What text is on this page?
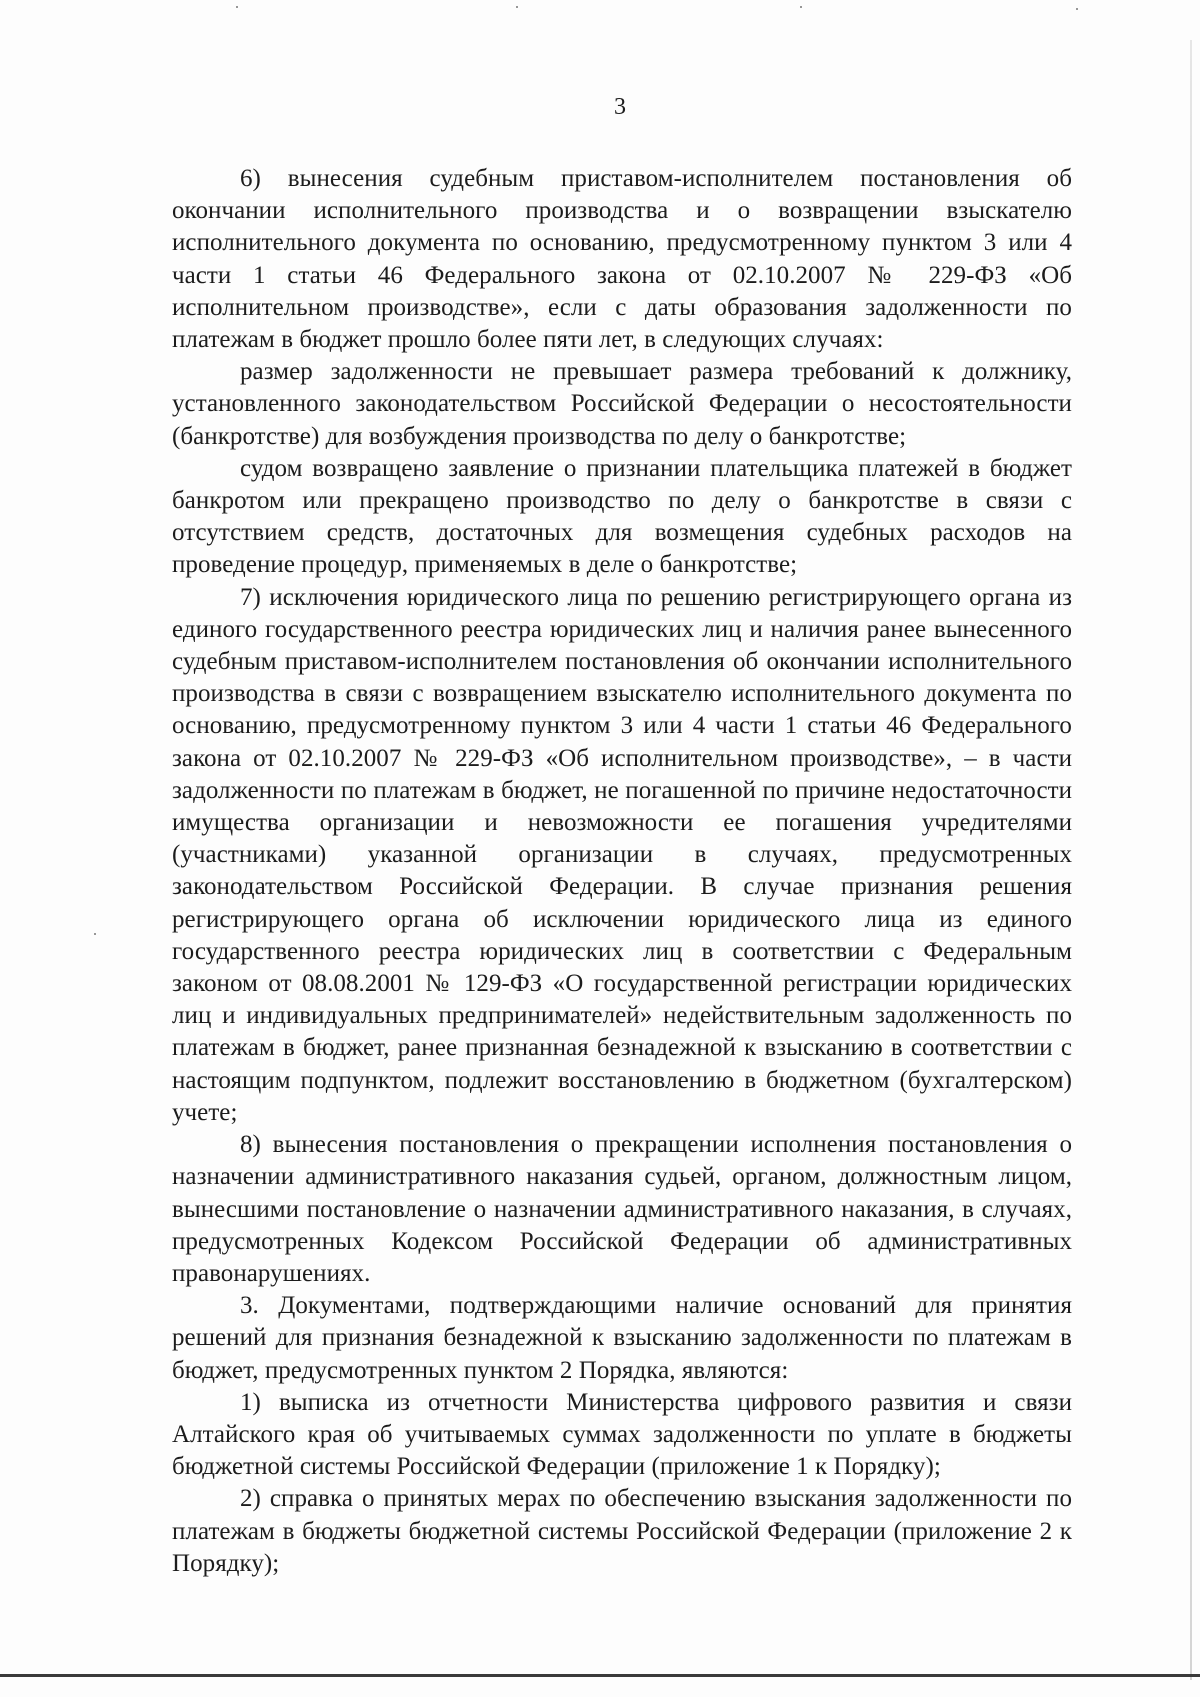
3

6) вынесения судебным приставом-исполнителем постановления об окончании исполнительного производства и о возвращении взыскателю исполнительного документа по основанию, предусмотренному пунктом 3 или 4 части 1 статьи 46 Федерального закона от 02.10.2007 № 229-ФЗ «Об исполнительном производстве», если с даты образования задолженности по платежам в бюджет прошло более пяти лет, в следующих случаях:

размер задолженности не превышает размера требований к должнику, установленного законодательством Российской Федерации о несостоятельности (банкротстве) для возбуждения производства по делу о банкротстве;

судом возвращено заявление о признании плательщика платежей в бюджет банкротом или прекращено производство по делу о банкротстве в связи с отсутствием средств, достаточных для возмещения судебных расходов на проведение процедур, применяемых в деле о банкротстве;

7) исключения юридического лица по решению регистрирующего органа из единого государственного реестра юридических лиц и наличия ранее вынесенного судебным приставом-исполнителем постановления об окончании исполнительного производства в связи с возвращением взыскателю исполнительного документа по основанию, предусмотренному пунктом 3 или 4 части 1 статьи 46 Федерального закона от 02.10.2007 № 229-ФЗ «Об исполнительном производстве», – в части задолженности по платежам в бюджет, не погашенной по причине недостаточности имущества организации и невозможности ее погашения учредителями (участниками) указанной организации в случаях, предусмотренных законодательством Российской Федерации. В случае признания решения регистрирующего органа об исключении юридического лица из единого государственного реестра юридических лиц в соответствии с Федеральным законом от 08.08.2001 № 129-ФЗ «О государственной регистрации юридических лиц и индивидуальных предпринимателей» недействительным задолженность по платежам в бюджет, ранее признанная безнадежной к взысканию в соответствии с настоящим подпунктом, подлежит восстановлению в бюджетном (бухгалтерском) учете;

8) вынесения постановления о прекращении исполнения постановления о назначении административного наказания судьей, органом, должностным лицом, вынесшими постановление о назначении административного наказания, в случаях, предусмотренных Кодексом Российской Федерации об административных правонарушениях.

3. Документами, подтверждающими наличие оснований для принятия решений для признания безнадежной к взысканию задолженности по платежам в бюджет, предусмотренных пунктом 2 Порядка, являются:

1) выписка из отчетности Министерства цифрового развития и связи Алтайского края об учитываемых суммах задолженности по уплате в бюджеты бюджетной системы Российской Федерации (приложение 1 к Порядку);

2) справка о принятых мерах по обеспечению взыскания задолженности по платежам в бюджеты бюджетной системы Российской Федерации (приложение 2 к Порядку);
